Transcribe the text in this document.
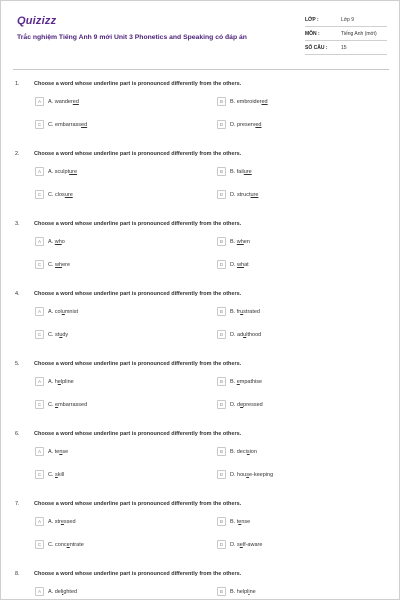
Quizizz
Trắc nghiệm Tiếng Anh 9 mới Unit 3 Phonetics and Speaking có đáp án
LỚP :	Lớp 9
MÔN :	Tiếng Anh (mới)
SỐ CÂU :	15
1.	Choose a word whose underline part is pronounced differently from the others.
A	A. wandered	B	B. embroidered
C	C. embarrassed	D	D. preserved
2.	Choose a word whose underline part is pronounced differently from the others.
A	A. sculpture	B	B. failure
C	C. closure	D	D. structure
3.	Choose a word whose underline part is pronounced differently from the others.
A	A. who	B	B. when
C	C. where	D	D. what
4.	Choose a word whose underline part is pronounced differently from the others.
A	A. columnist	B	B. frustrated
C	C. study	D	D. adulthood
5.	Choose a word whose underline part is pronounced differently from the others.
A	A. helpline	B	B. empathise
C	C. embarrassed	D	D. depressed
6.	Choose a word whose underline part is pronounced differently from the others.
A	A. tense	B	B. decision
C	C. skill	D	D. house-keeping
7.	Choose a word whose underline part is pronounced differently from the others.
A	A. stressed	B	B. tense
C	C. concentrate	D	D. self-aware
8.	Choose a word whose underline part is pronounced differently from the others.
A	A. delighted	B	B. helpline
